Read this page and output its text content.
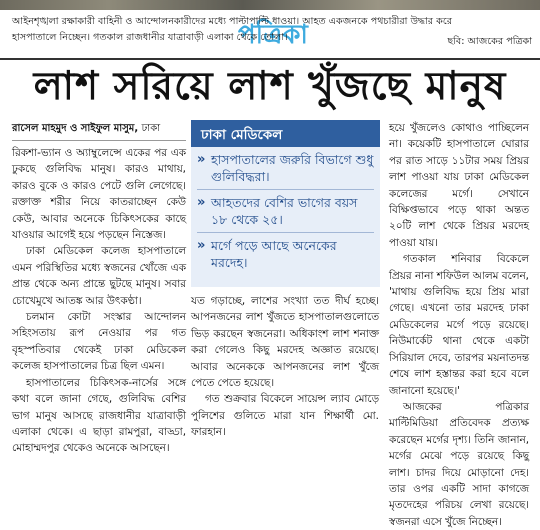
পত্রিকা
আইনশৃঙ্খলা রক্ষাকারী বাহিনী ও আন্দোলনকারীদের মধ্যে পাল্টাপাল্টি ধাওয়া। আহত একজনকে পথচারীরা উদ্ধার করে
হাসপাতালে নিচ্ছেন। গতকাল রাজধানীর যাত্রাবাড়ী এলাকা থেকে তোলা।	ছবি: আজকের পত্রিকা
লাশ সরিয়ে লাশ খুঁজছে মানুষ
রাসেল মাহমুদ ও সাইফুল মাসুম, ঢাকা

রিকশা-ভ্যান ও অ্যাম্বুলেন্সে একের পর এক ঢুকছে গুলিবিদ্ধ মানুষ। কারও মাথায়, কারও বুকে ও কারও পেটে গুলি লেগেছে। রক্তাক্ত শরীর নিয়ে কাতরাচ্ছেন কেউ কেউ, আবার অনেকে চিকিৎসকের কাছে যাওয়ার আগেই হয়ে পড়ছেন নিস্তেজ।

ঢাকা মেডিকেল কলেজ হাসপাতালে এমন পরিস্থিতির মধ্যে স্বজনের খোঁজে এক প্রান্ত থেকে অন্য প্রান্তে ছুটছে মানুষ। সবার চোখেমুখে আতঙ্ক আর উৎকণ্ঠা।

চলমান কোটা সংস্কার আন্দোলন সহিংসতায় রূপ নেওয়ার পর গত বৃহস্পতিবার থেকেই ঢাকা মেডিকেল কলেজ হাসপাতালের চিত্র ছিল এমন।

হাসপাতালের চিকিৎসক-নার্সের সঙ্গে কথা বলে জানা গেছে, গুলিবিদ্ধ বেশির ভাগ মানুষ আসছে রাজধানীর যাত্রাবাড়ী এলাকা থেকে। এ ছাড়া রামপুরা, বাড্ডা, মোহাম্মদপুর থেকেও অনেকে আসছেন।

ঢাকা মেডিকেল
» হাসপাতালের জরুরি বিভাগে শুধু গুলিবিদ্ধরা।
» আহতদের বেশির ভাগের বয়স ১৮ থেকে ২৫।
» মর্গে পড়ে আছে অনেকের মরদেহ।

যত গড়াচ্ছে, লাশের সংখ্যা তত দীর্ঘ হচ্ছে। আপনজনের লাশ খুঁজতে হাসপাতালগুলোতে ভিড় করছেন স্বজনেরা। অধিকাংশ লাশ শনাক্ত করা গেলেও কিছু মরদেহ অজ্ঞাত রয়েছে। আবার অনেককে আপনজনের লাশ খুঁজে পেতে পেতে হয়েছে।

গত শুক্রবার বিকেলে সায়েন্স ল্যাব মোড়ে পুলিশের গুলিতে মারা যান শিক্ষার্থী মো. ফারহান।

হয়ে খুঁজলেও কোথাও পাচ্ছিলেন না। কয়েকটি হাসপাতালে ঘোরার পর রাত সাড়ে ১১টার সময় প্রিয়র লাশ পাওয়া যায় ঢাকা মেডিকেল কলেজের মর্গে। সেখানে বিক্ষিপ্তভাবে পড়ে থাকা অন্তত ২০টি লাশ থেকে প্রিয়র মরদেহ পাওয়া যায়।

গতকাল শনিবার বিকেলে প্রিয়র নানা শফিউল আলম বলেন, 'মাথায় গুলিবিদ্ধ হয়ে প্রিয় মারা গেছে। এখনো তার মরদেহ ঢাকা মেডিকেলের মর্গে পড়ে রয়েছে। নিউমার্কেট থানা থেকে একটা সিরিয়াল দেবে, তারপর ময়নাতদন্ত শেষে লাশ হস্তান্তর করা হবে বলে জানানো হয়েছে।'

আজকের পত্রিকার মাল্টিমিডিয়া প্রতিবেদক প্রত্যক্ষ করেছেন মর্গের দৃশ্য। তিনি জানান, মর্গের মেঝে পড়ে রয়েছে কিছু লাশ। চাদর দিয়ে মোড়ানো দেহ। তার ওপর একটি সাদা কাগজে মৃতদেহের পরিচয় লেখা রয়েছে। স্বজনরা এসে খুঁজে নিচ্ছেন।
